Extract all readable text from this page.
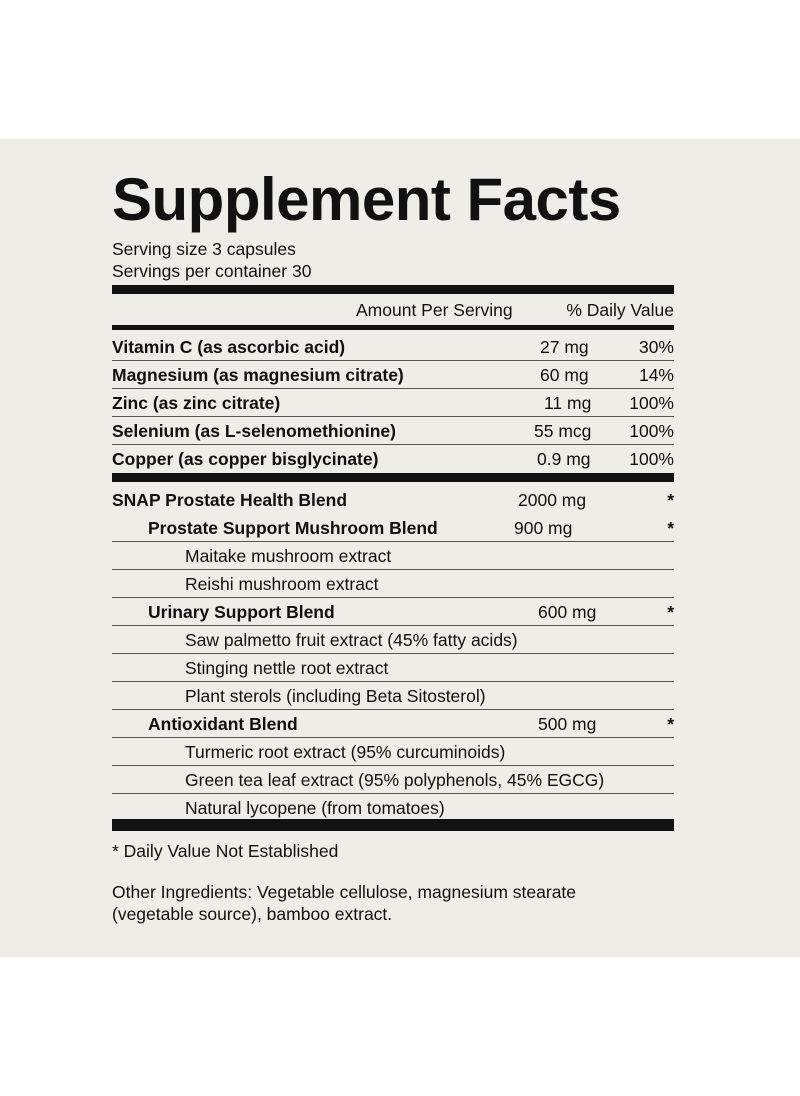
Supplement Facts
Serving size 3 capsules
Servings per container 30
Amount Per Serving	% Daily Value
Vitamin C (as ascorbic acid)	27 mg	30%
Magnesium (as magnesium citrate)	60 mg	14%
Zinc (as zinc citrate)	11 mg 100%
Selenium (as L-selenomethionine)	55 mcg 100%
Copper (as copper bisglycinate)	0.9 mg 100%
SNAP Prostate Health Blend	2000 mg	*
Prostate Support Mushroom Blend	900 mg	*
Maitake mushroom extract
Reishi mushroom extract
Urinary Support Blend	600 mg	*
Saw palmetto fruit extract (45% fatty acids)
Stinging nettle root extract
Plant sterols (including Beta Sitosterol)
Antioxidant Blend	500 mg	*
Turmeric root extract (95% curcuminoids)
Green tea leaf extract (95% polyphenols, 45% EGCG)
Natural lycopene (from tomatoes)
* Daily Value Not Established
Other Ingredients: Vegetable cellulose, magnesium stearate
(vegetable source), bamboo extract.
